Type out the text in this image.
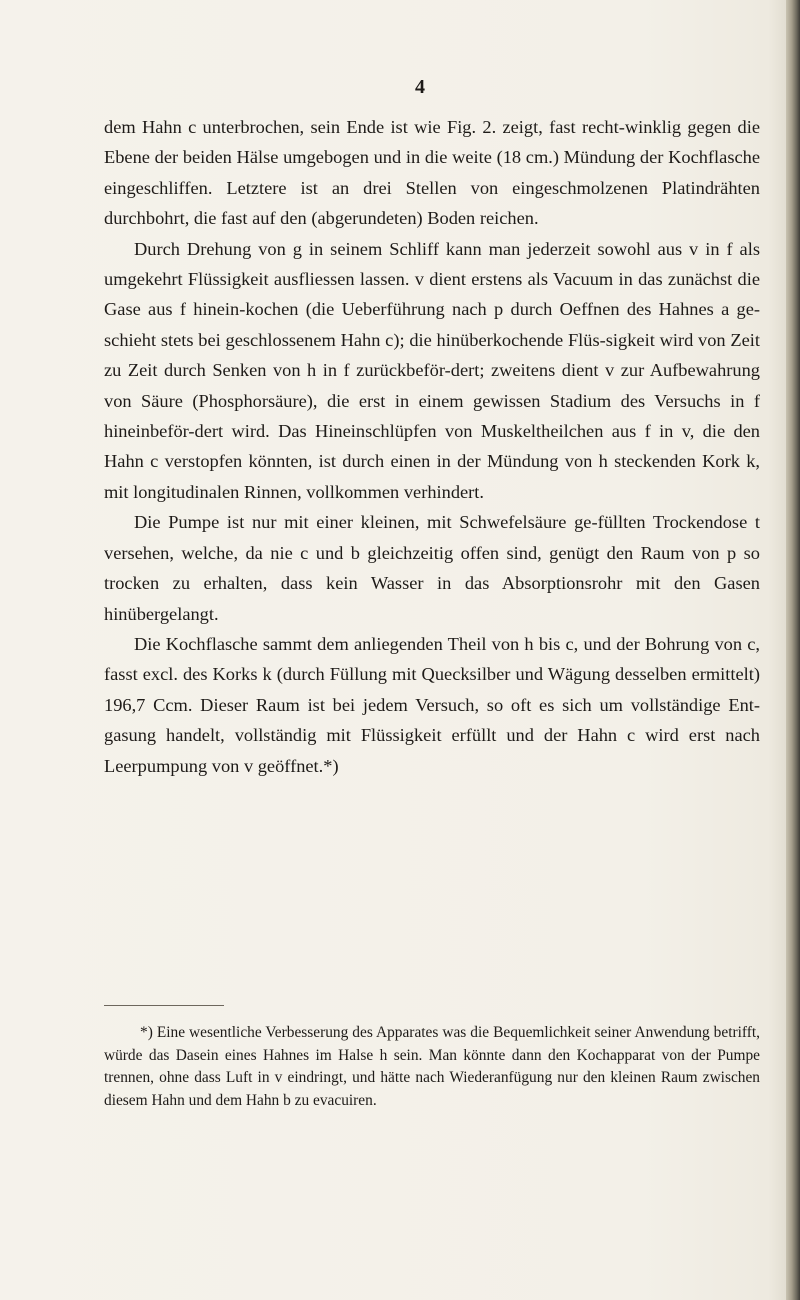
4

dem Hahn c unterbrochen, sein Ende ist wie Fig. 2. zeigt, fast recht-winklig gegen die Ebene der beiden Hälse umgebogen und in die weite (18 cm.) Mündung der Kochflasche eingeschliffen. Letztere ist an drei Stellen von eingeschmolzenen Platindrähten durchbohrt, die fast auf den (abgerundeten) Boden reichen.

Durch Drehung von g in seinem Schliff kann man jederzeit sowohl aus v in f als umgekehrt Flüssigkeit ausfliessen lassen. v dient erstens als Vacuum in das zunächst die Gase aus f hinein-kochen (die Ueberführung nach p durch Oeffnen des Hahnes a ge-schieht stets bei geschlossenem Hahn c); die hinüberkochende Flüs-sigkeit wird von Zeit zu Zeit durch Senken von h in f zurückbeför-dert; zweitens dient v zur Aufbewahrung von Säure (Phosphorsäure), die erst in einem gewissen Stadium des Versuchs in f hineinbeför-dert wird. Das Hineinschlüpfen von Muskeltheilchen aus f in v, die den Hahn c verstopfen könnten, ist durch einen in der Mündung von h steckenden Kork k, mit longitudinalen Rinnen, vollkommen verhindert.

Die Pumpe ist nur mit einer kleinen, mit Schwefelsäure ge-füllten Trockendose t versehen, welche, da nie c und b gleichzeitig offen sind, genügt den Raum von p so trocken zu erhalten, dass kein Wasser in das Absorptionsrohr mit den Gasen hinübergelangt.

Die Kochflasche sammt dem anliegenden Theil von h bis c, und der Bohrung von c, fasst excl. des Korks k (durch Füllung mit Quecksilber und Wägung desselben ermittelt) 196,7 Ccm. Dieser Raum ist bei jedem Versuch, so oft es sich um vollständige Ent-gasung handelt, vollständig mit Flüssigkeit erfüllt und der Hahn c wird erst nach Leerpumpung von v geöffnet.*)

*) Eine wesentliche Verbesserung des Apparates was die Bequemlichkeit seiner Anwendung betrifft, würde das Dasein eines Hahnes im Halse h sein. Man könnte dann den Kochapparat von der Pumpe trennen, ohne dass Luft in v eindringt, und hätte nach Wiederanfügung nur den kleinen Raum zwischen diesem Hahn und dem Hahn b zu evacuiren.
